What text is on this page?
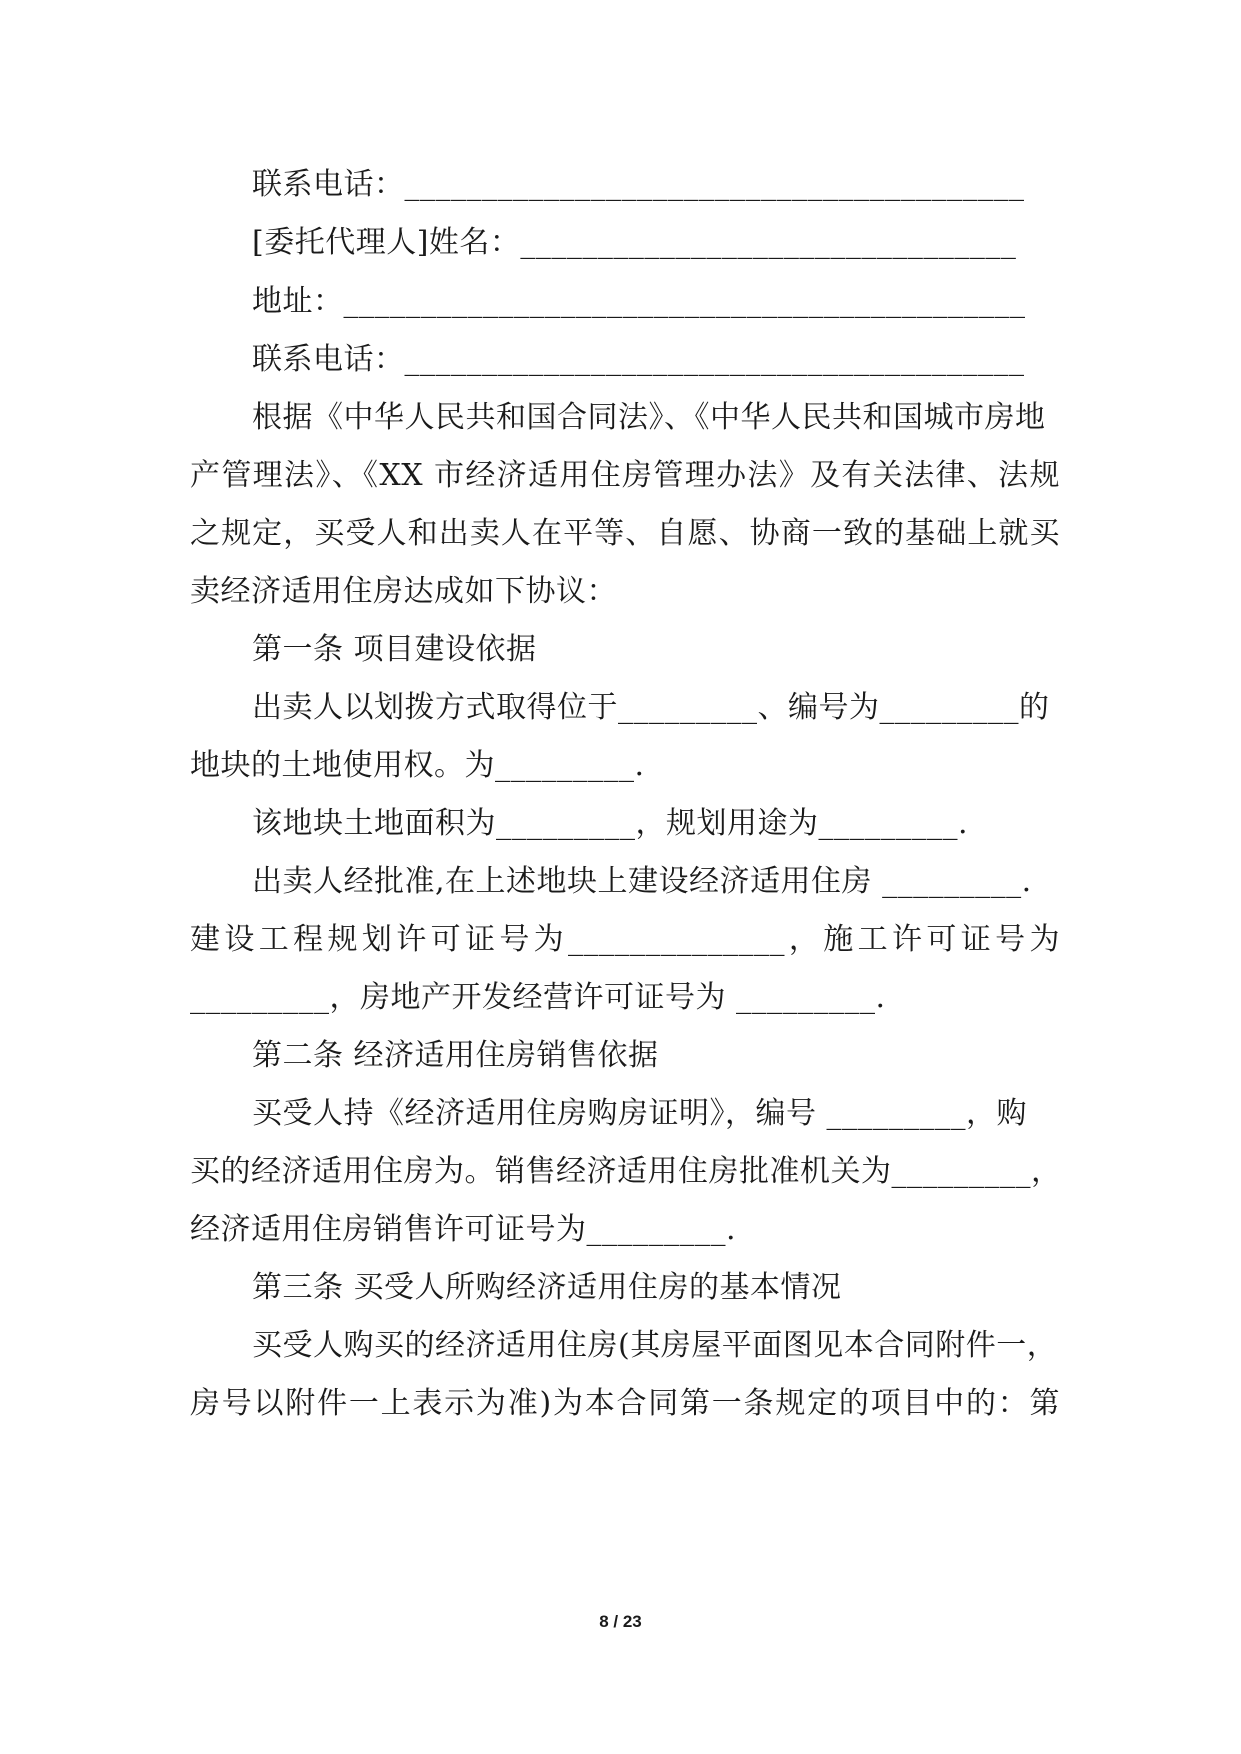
联系电话：________________________________________
[委托代理人]姓名：________________________________
地址：____________________________________________
联系电话：________________________________________
根据《中华人民共和国合同法》、《中华人民共和国城市房地
产管理法》、《XX 市经济适用住房管理办法》及有关法律、法规
之规定，买受人和出卖人在平等、自愿、协商一致的基础上就买
卖经济适用住房达成如下协议：
第一条 项目建设依据
出卖人以划拨方式取得位于_________、编号为_________的
地块的土地使用权。为_________.
该地块土地面积为_________，规划用途为_________.
出卖人经批准,在上述地块上建设经济适用住房 _________.
建设工程规划许可证号为______________，施工许可证号为
_________，房地产开发经营许可证号为 _________.
第二条 经济适用住房销售依据
买受人持《经济适用住房购房证明》，编号 _________，购
买的经济适用住房为。销售经济适用住房批准机关为_________，
经济适用住房销售许可证号为_________.
第三条 买受人所购经济适用住房的基本情况
买受人购买的经济适用住房(其房屋平面图见本合同附件一，
房号以附件一上表示为准)为本合同第一条规定的项目中的：第
8 / 23
